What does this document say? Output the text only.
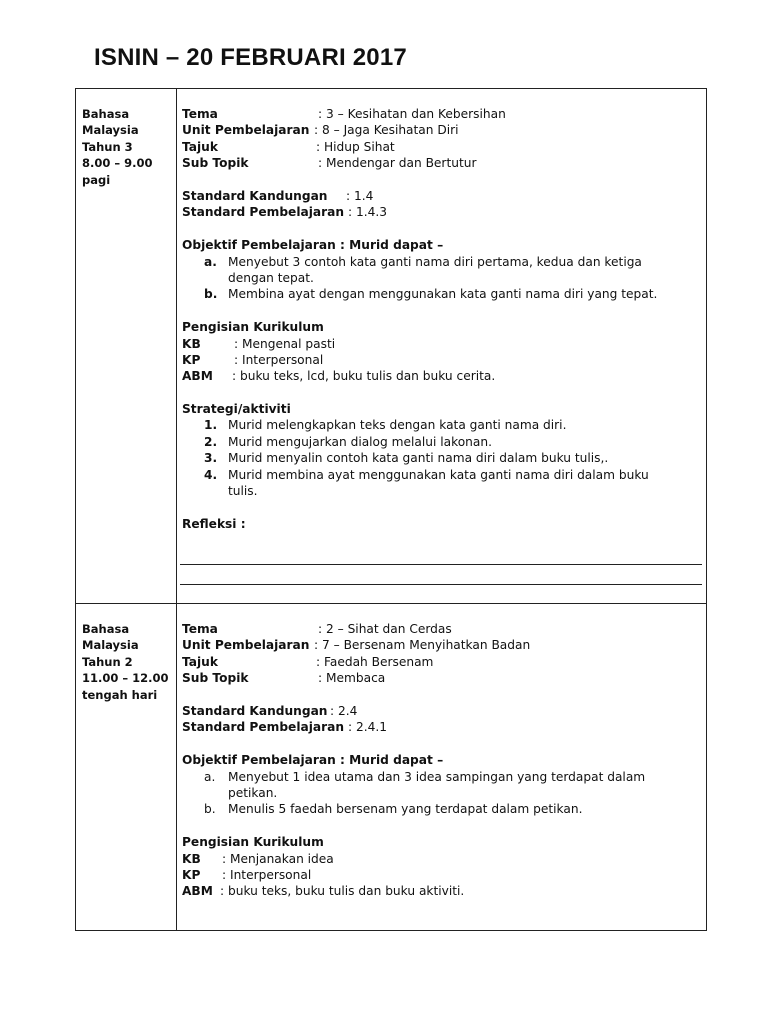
ISNIN – 20 FEBRUARI 2017
Bahasa
Malaysia
Tahun 3
8.00 – 9.00
pagi
Tema	: 3 – Kesihatan dan Kebersihan
Unit Pembelajaran : 8 – Jaga Kesihatan Diri
Tajuk	: Hidup Sihat
Sub Topik	: Mendengar dan Bertutur
Standard Kandungan : 1.4
Standard Pembelajaran : 1.4.3
Objektif Pembelajaran : Murid dapat –
a. Menyebut 3 contoh kata ganti nama diri pertama, kedua dan ketiga dengan tepat.
b. Membina ayat dengan menggunakan kata ganti nama diri yang tepat.
Pengisian Kurikulum
KB	: Mengenal pasti
KP	: Interpersonal
ABM : buku teks, lcd, buku tulis dan buku cerita.
Strategi/aktiviti
1. Murid melengkapkan teks dengan kata ganti nama diri.
2. Murid mengujarkan dialog melalui lakonan.
3. Murid menyalin contoh kata ganti nama diri dalam buku tulis,.
4. Murid membina ayat menggunakan kata ganti nama diri dalam buku tulis.
Refleksi :
Bahasa
Malaysia
Tahun 2
11.00 – 12.00
tengah hari
Tema	: 2 – Sihat dan Cerdas
Unit Pembelajaran : 7 – Bersenam Menyihatkan Badan
Tajuk	: Faedah Bersenam
Sub Topik	: Membaca
Standard Kandungan : 2.4
Standard Pembelajaran : 2.4.1
Objektif Pembelajaran : Murid dapat –
a. Menyebut 1 idea utama dan 3 idea sampingan yang terdapat dalam petikan.
b. Menulis 5 faedah bersenam yang terdapat dalam petikan.
Pengisian Kurikulum
KB : Menjanakan idea
KP : Interpersonal
ABM : buku teks, buku tulis dan buku aktiviti.
